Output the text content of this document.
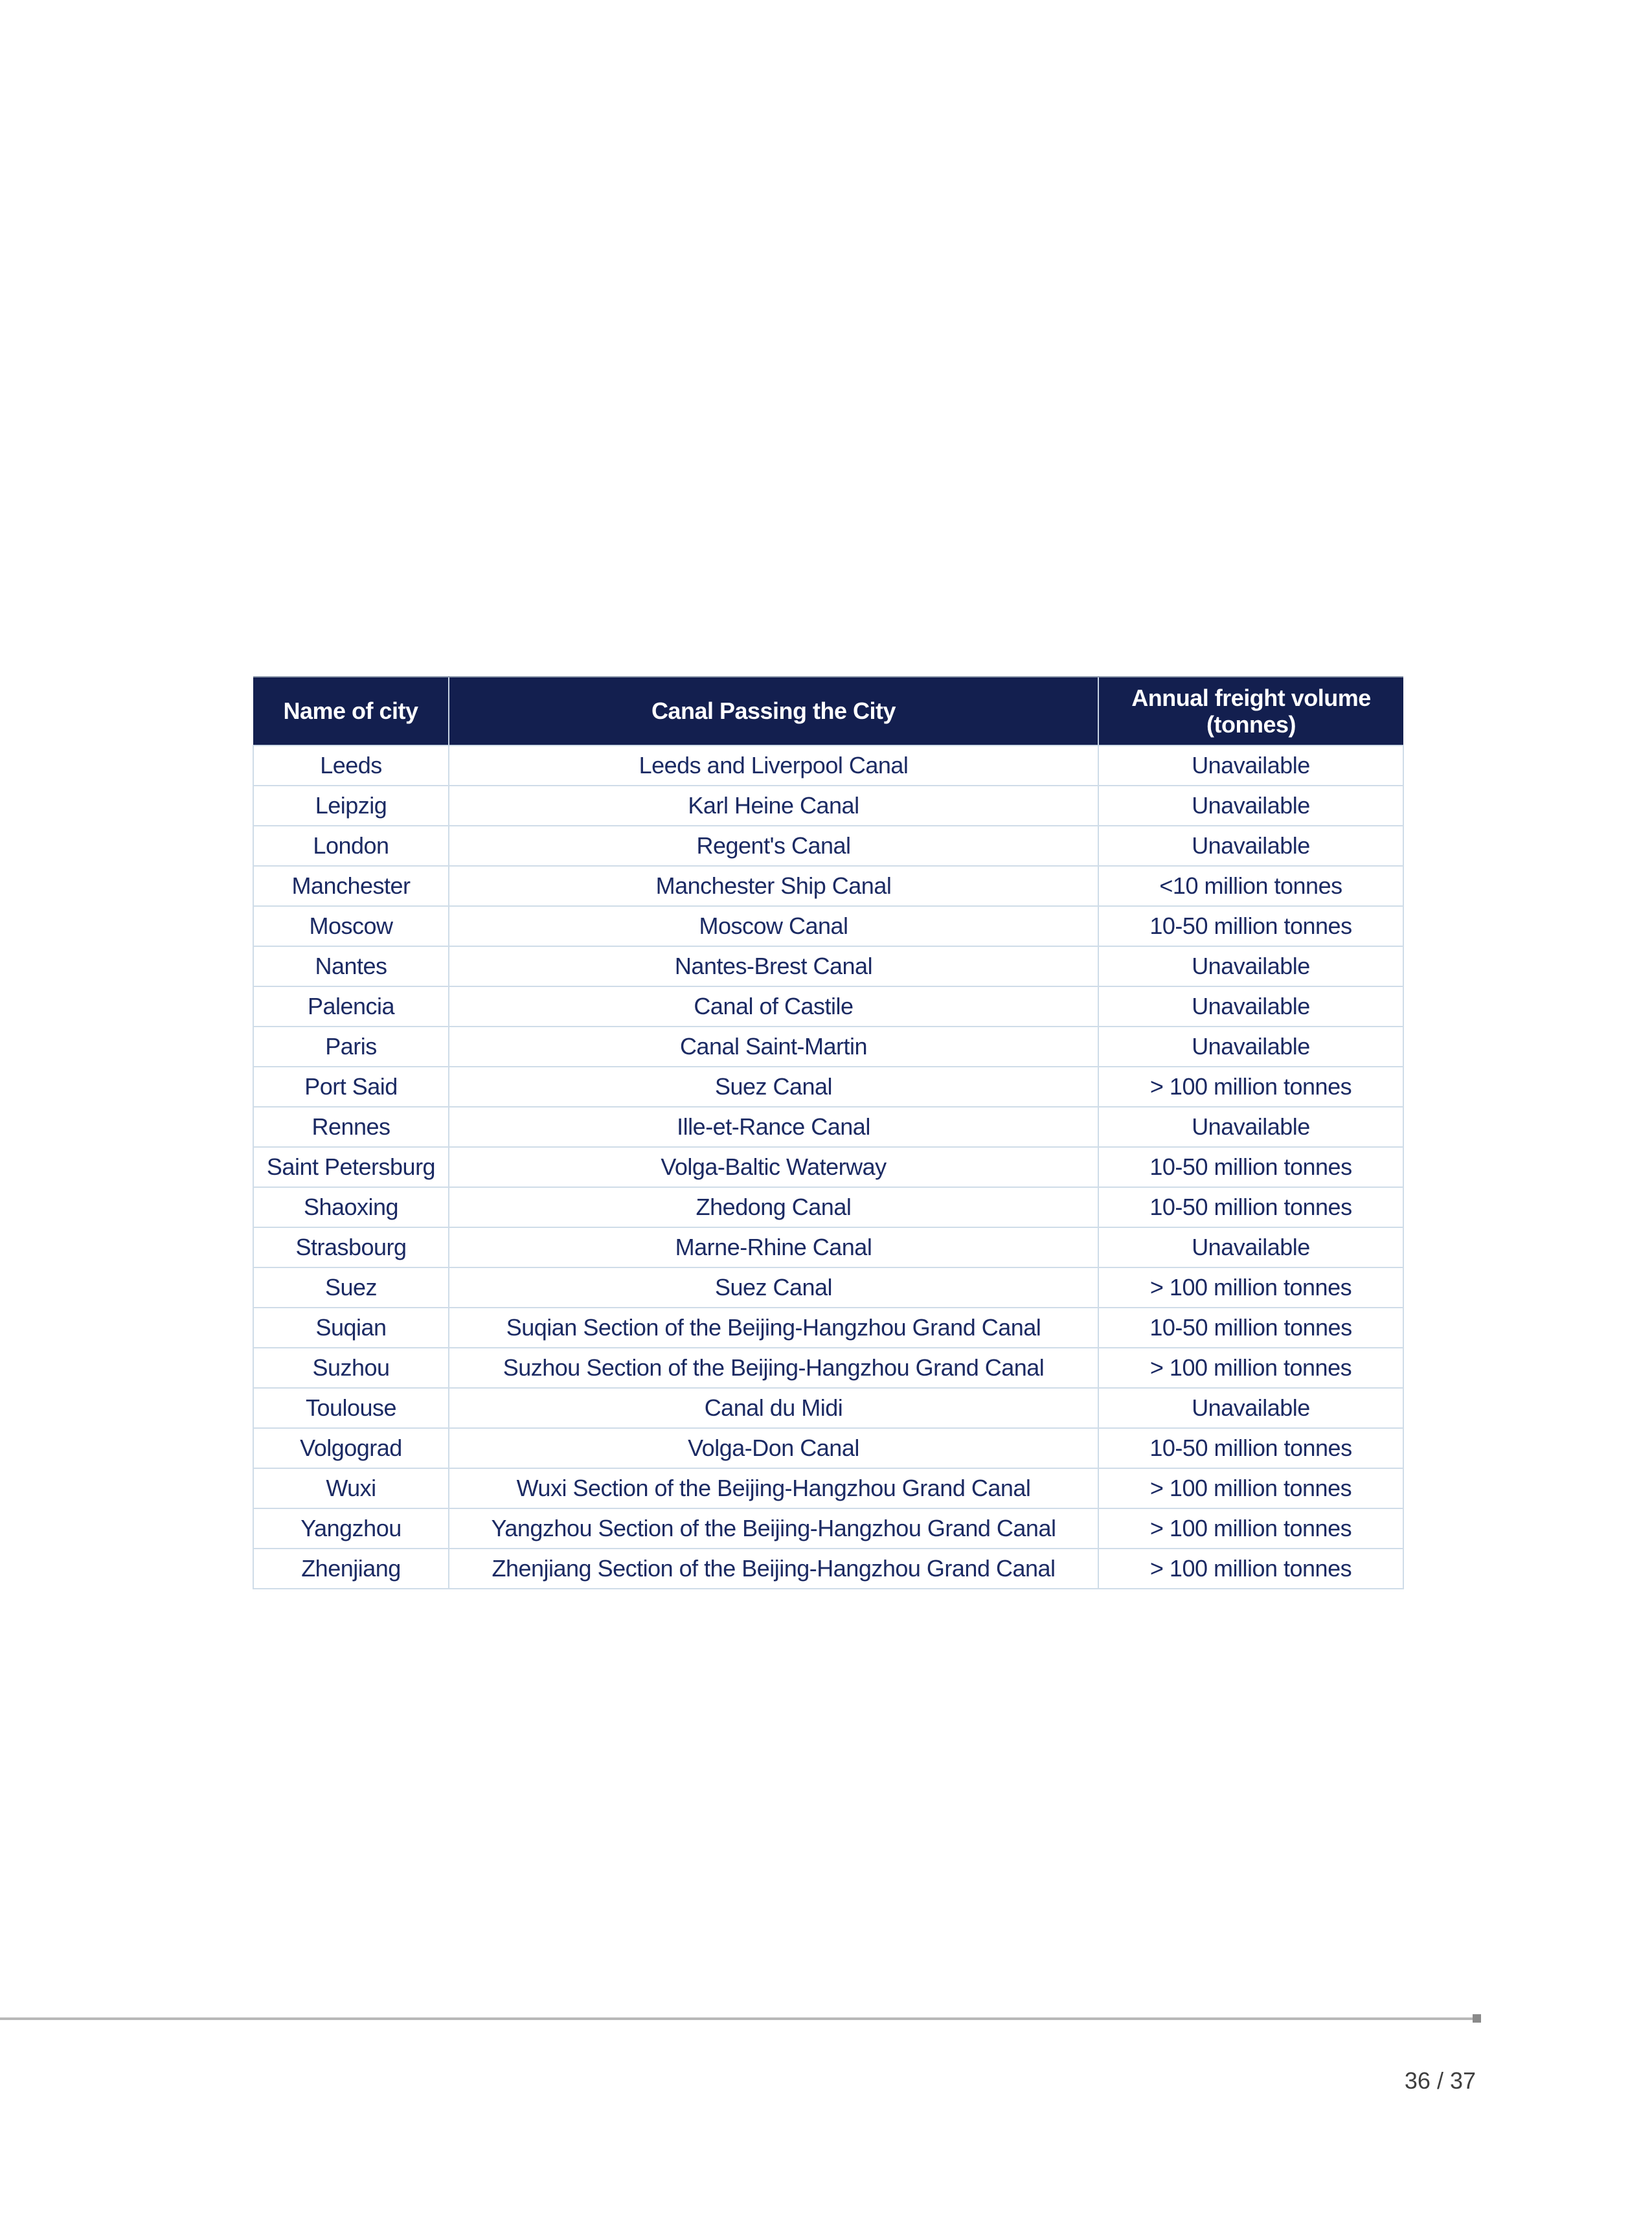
Name of city	Canal Passing the City	Annual freight volume (tonnes)
Leeds	Leeds and Liverpool Canal	Unavailable
Leipzig	Karl Heine Canal	Unavailable
London	Regent's Canal	Unavailable
Manchester	Manchester Ship Canal	<10 million tonnes
Moscow	Moscow Canal	10-50 million tonnes
Nantes	Nantes-Brest Canal	Unavailable
Palencia	Canal of Castile	Unavailable
Paris	Canal Saint-Martin	Unavailable
Port Said	Suez Canal	> 100 million tonnes
Rennes	Ille-et-Rance Canal	Unavailable
Saint Petersburg	Volga-Baltic Waterway	10-50 million tonnes
Shaoxing	Zhedong Canal	10-50 million tonnes
Strasbourg	Marne-Rhine Canal	Unavailable
Suez	Suez Canal	> 100 million tonnes
Suqian	Suqian Section of the Beijing-Hangzhou Grand Canal	10-50 million tonnes
Suzhou	Suzhou Section of the Beijing-Hangzhou Grand Canal	> 100 million tonnes
Toulouse	Canal du Midi	Unavailable
Volgograd	Volga-Don Canal	10-50 million tonnes
Wuxi	Wuxi Section of the Beijing-Hangzhou Grand Canal	> 100 million tonnes
Yangzhou	Yangzhou Section of the Beijing-Hangzhou Grand Canal	> 100 million tonnes
Zhenjiang	Zhenjiang Section of the Beijing-Hangzhou Grand Canal	> 100 million tonnes
36 / 37
